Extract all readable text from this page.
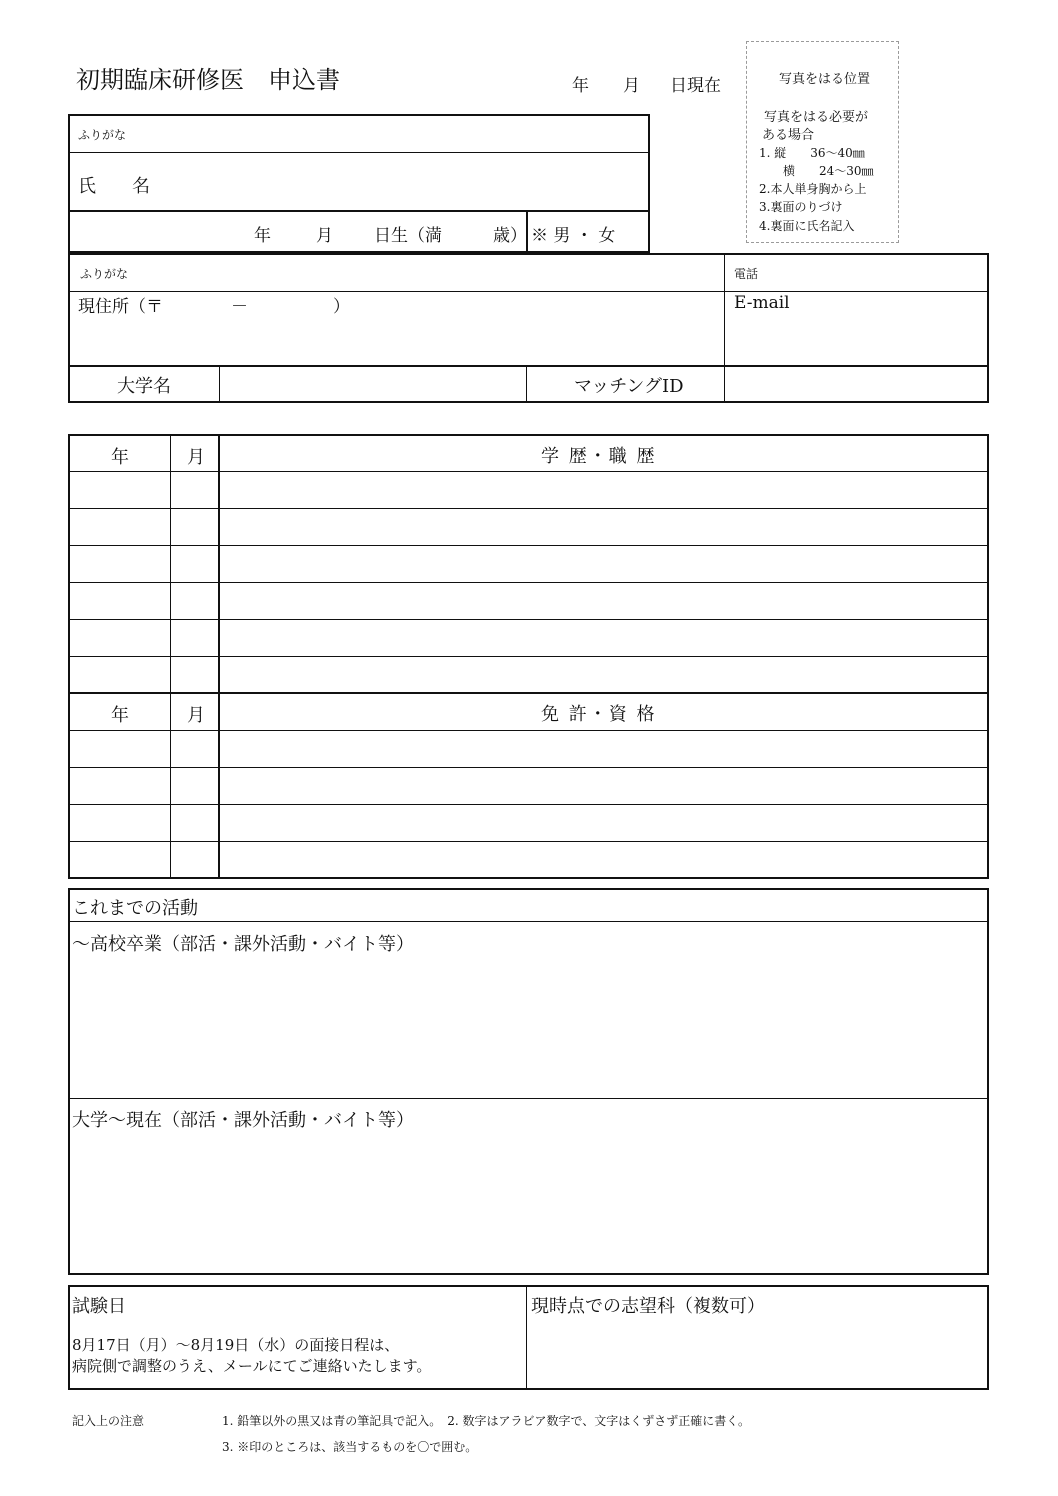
初期臨床研修医　申込書	年 月 日現在	写真をはる位置
写真をはる必要が
ある場合
1. 縦　　36～40㎜
横　　24～30㎜
2.本人単身胸から上
3.裏面のりづけ
4.裏面に氏名記入
ふりがな
氏　　名
年	月 日生（満	歳） ※ 男 ・ 女
ふりがな
現住所（〒　　　　－　　　　　）
電話
E-mail
大学名	マッチングID
年	月	学 歴・職 歴
年	月	免 許・資 格
これまでの活動
～高校卒業（部活・課外活動・バイト等）
大学～現在（部活・課外活動・バイト等）
試験日
8月17日（月）～8月19日（水）の面接日程は、
病院側で調整のうえ、メールにてご連絡いたします。
現時点での志望科（複数可）
記入上の注意	1. 鉛筆以外の黒又は青の筆記具で記入。　2. 数字はアラビア数字で、文字はくずさず正確に書く。
3. ※印のところは、該当するものを〇で囲む。
